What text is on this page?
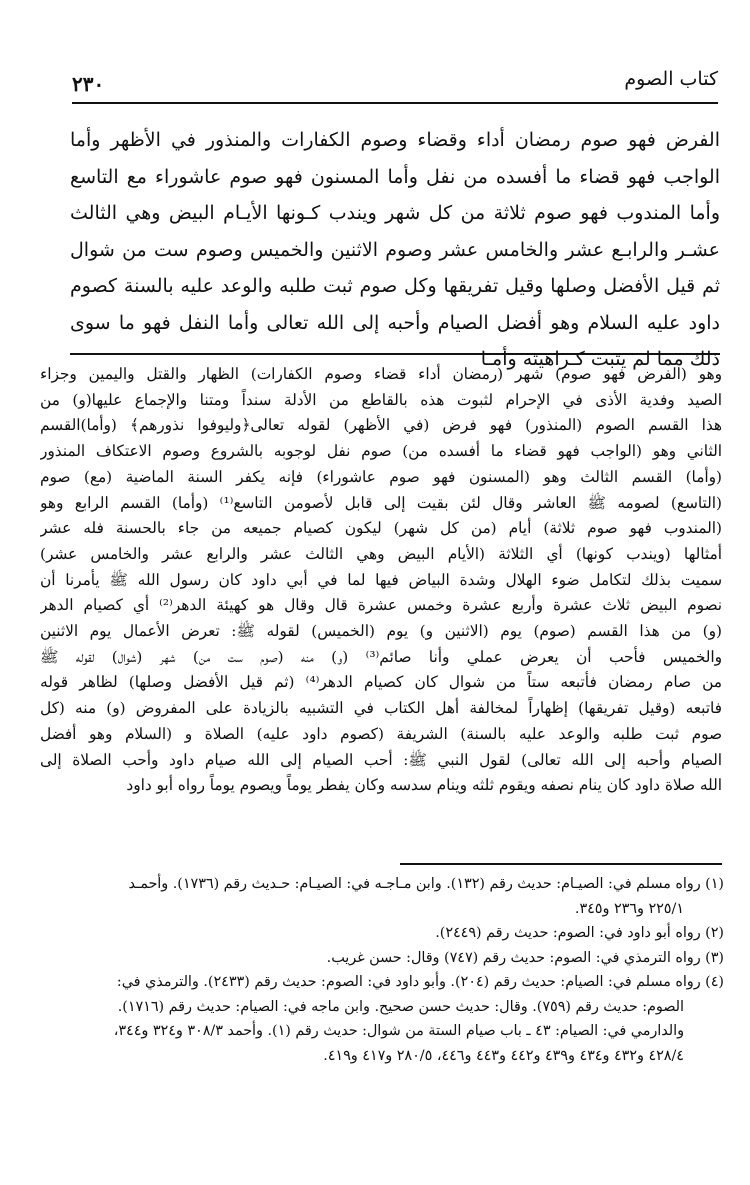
كتاب الصوم
٢٣٠

الفرض فهو صوم رمضان أداء وقضاء وصوم الكفارات والمنذور في الأظهر وأما الواجب فهو قضاء ما أفسده من نفل وأما المسنون فهو صوم عاشوراء مع التاسع وأما المندوب فهو صوم ثلاثة من كل شهر ويندب كـونها الأيـام البيض وهي الثالث عشـر والرابـع عشر والخامس عشر وصوم الاثنين والخميس وصوم ست من شوال ثم قيل الأفضل وصلها وقيل تفريقها وكل صوم ثبت طلبه والوعد عليه بالسنة كصوم داود عليه السلام وهو أفضل الصيام وأحبه إلى الله تعالى وأما النفل فهو ما سوى ذلك مما لم يثبت كـراهيته وأمـا

وهو (الفرض فهو صوم) شهر (رمضان أداء قضاء وصوم الكفارات) الظهار والقتل واليمين وجزاء
الصيد وفدية الأذى في الإحرام لثبوت هذه بالقاطع من الأدلة سنداً ومتنا والإجماع عليها(و) من
هذا القسم الصوم (المنذور) فهو فرض (في الأظهر) لقوله تعالى﴿وليوفوا نذورهم﴾ (وأما)القسم
الثاني وهو (الواجب فهو قضاء ما أفسده من) صوم نفل لوجوبه بالشروع وصوم الاعتكاف المنذور
(وأما) القسم الثالث وهو (المسنون فهو صوم عاشوراء) فإنه يكفر السنة الماضية (مع) صوم
(التاسع) لصومه ﷺ العاشر وقال لئن بقيت إلى قابل لأصومن التاسع⁽¹⁾ (وأما) القسم الرابع وهو
(المندوب فهو صوم ثلاثة) أيام (من كل شهر) ليكون كصيام جميعه من جاء بالحسنة فله عشر
أمثالها (ويندب كونها) أي الثلاثة (الأيام البيض وهي الثالث عشر والرابع عشر والخامس عشر)
سميت بذلك لتكامل ضوء الهلال وشدة البياض فيها لما في أبي داود كان رسول الله ﷺ يأمرنا أن
نصوم البيض ثلاث عشرة وأربع عشرة وخمس عشرة قال وقال هو كهيئة الدهر⁽²⁾ أي كصيام الدهر
(و) من هذا القسم (صوم) يوم (الاثنين و) يوم (الخميس) لقوله ﷺ: تعرض الأعمال يوم الاثنين
والخميس فأحب أن يعرض عملي وأنا صائم⁽³⁾ (و) منه (صوم ست من) شهر (شوال) لقوله ﷺ
من صام رمضان فأتبعه ستاً من شوال كان كصيام الدهر⁽⁴⁾ (ثم قيل الأفضل وصلها) لظاهر قوله
فاتبعه (وقيل تفريقها) إظهاراً لمخالفة أهل الكتاب في التشبيه بالزيادة على المفروض (و) منه (كل
صوم ثبت طلبه والوعد عليه بالسنة) الشريفة (كصوم داود عليه) الصلاة و (السلام وهو أفضل
الصيام وأحبه إلى الله تعالى) لقول النبي ﷺ: أحب الصيام إلى الله صيام داود وأحب الصلاة إلى
الله صلاة داود كان ينام نصفه ويقوم ثلثه وينام سدسه وكان يفطر يوماً ويصوم يوماً رواه أبو داود
(١) رواه مسلم في: الصيـام: حديث رقم (١٣٢). وابن مـاجـه في: الصيـام: حـديث رقم (١٧٣٦). وأحمـد
٢٢٥/١ و٢٣٦ و٣٤٥.
(٢) رواه أبو داود في: الصوم: حديث رقم (٢٤٤٩).
(٣) رواه الترمذي في: الصوم: حديث رقم (٧٤٧) وقال: حسن غريب.
(٤) رواه مسلم في: الصيام: حديث رقم (٢٠٤). وأبو داود في: الصوم: حديث رقم (٢٤٣٣). والترمذي في:
الصوم: حديث رقم (٧٥٩). وقال: حديث حسن صحيح. وابن ماجه في: الصيام: حديث رقم (١٧١٦).
والدارمي في: الصيام: ٤٣ ـ باب صيام الستة من شوال: حديث رقم (١). وأحمد ٣٠٨/٣ و٣٢٤ و٣٤٤،
٤٢٨/٤ و٤٣٢ و٤٣٤ و٤٣٩ و٤٤٢ و٤٤٣ و٤٤٦، ٢٨٠/٥ و٤١٧ و٤١٩.
